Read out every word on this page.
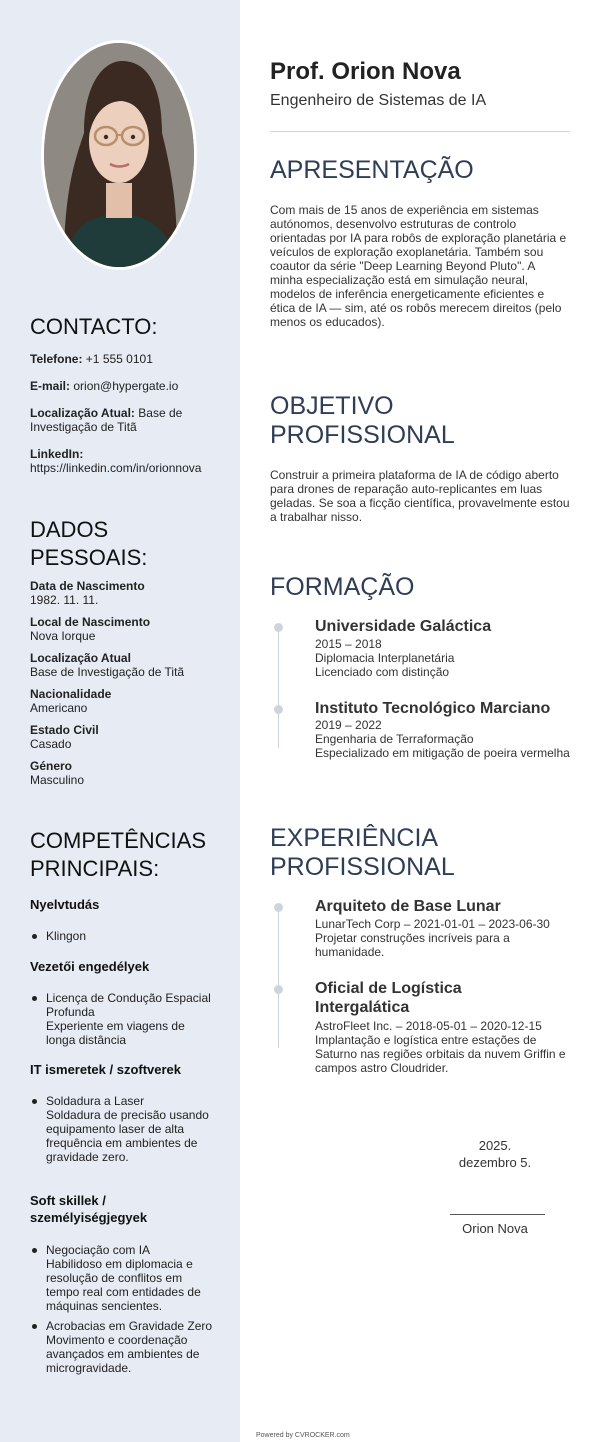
CONTACTO:
Telefone: +1 555 0101
E-mail: orion@hypergate.io
Localização Atual: Base de Investigação de Titã
LinkedIn:
https://linkedin.com/in/orionnova
DADOS PESSOAIS:
Data de Nascimento
1982. 11. 11.
Local de Nascimento
Nova Iorque
Localização Atual
Base de Investigação de Titã
Nacionalidade
Americano
Estado Civil
Casado
Género
Masculino
COMPETÊNCIAS PRINCIPAIS:
Nyelvtudás
Klingon
Vezetői engedélyek
Licença de Condução Espacial Profunda
Experiente em viagens de longa distância
IT ismeretek / szoftverek
Soldadura a Laser
Soldadura de precisão usando equipamento laser de alta frequência em ambientes de gravidade zero.
Soft skillek / személyiségjegyek
Negociação com IA
Habilidoso em diplomacia e resolução de conflitos em tempo real com entidades de máquinas sencientes.
Acrobacias em Gravidade Zero
Movimento e coordenação avançados em ambientes de microgravidade.
Prof. Orion Nova
Engenheiro de Sistemas de IA
APRESENTAÇÃO
Com mais de 15 anos de experiência em sistemas autónomos, desenvolvo estruturas de controlo orientadas por IA para robôs de exploração planetária e veículos de exploração exoplanetária. Também sou coautor da série "Deep Learning Beyond Pluto". A minha especialização está em simulação neural, modelos de inferência energeticamente eficientes e ética de IA — sim, até os robôs merecem direitos (pelo menos os educados).
OBJETIVO PROFISSIONAL
Construir a primeira plataforma de IA de código aberto para drones de reparação auto-replicantes em luas geladas. Se soa a ficção científica, provavelmente estou a trabalhar nisso.
FORMAÇÃO
Universidade Galáctica
2015 – 2018
Diplomacia Interplanetária
Licenciado com distinção
Instituto Tecnológico Marciano
2019 – 2022
Engenharia de Terraformação
Especializado em mitigação de poeira vermelha
EXPERIÊNCIA PROFISSIONAL
Arquiteto de Base Lunar
LunarTech Corp – 2021-01-01 – 2023-06-30
Projetar construções incríveis para a humanidade.
Oficial de Logística Intergalática
AstroFleet Inc. – 2018-05-01 – 2020-12-15
Implantação e logística entre estações de Saturno nas regiões orbitais da nuvem Griffin e campos astro Cloudrider.
2025.
dezembro 5.
Orion Nova
Powered by CVROCKER.com
